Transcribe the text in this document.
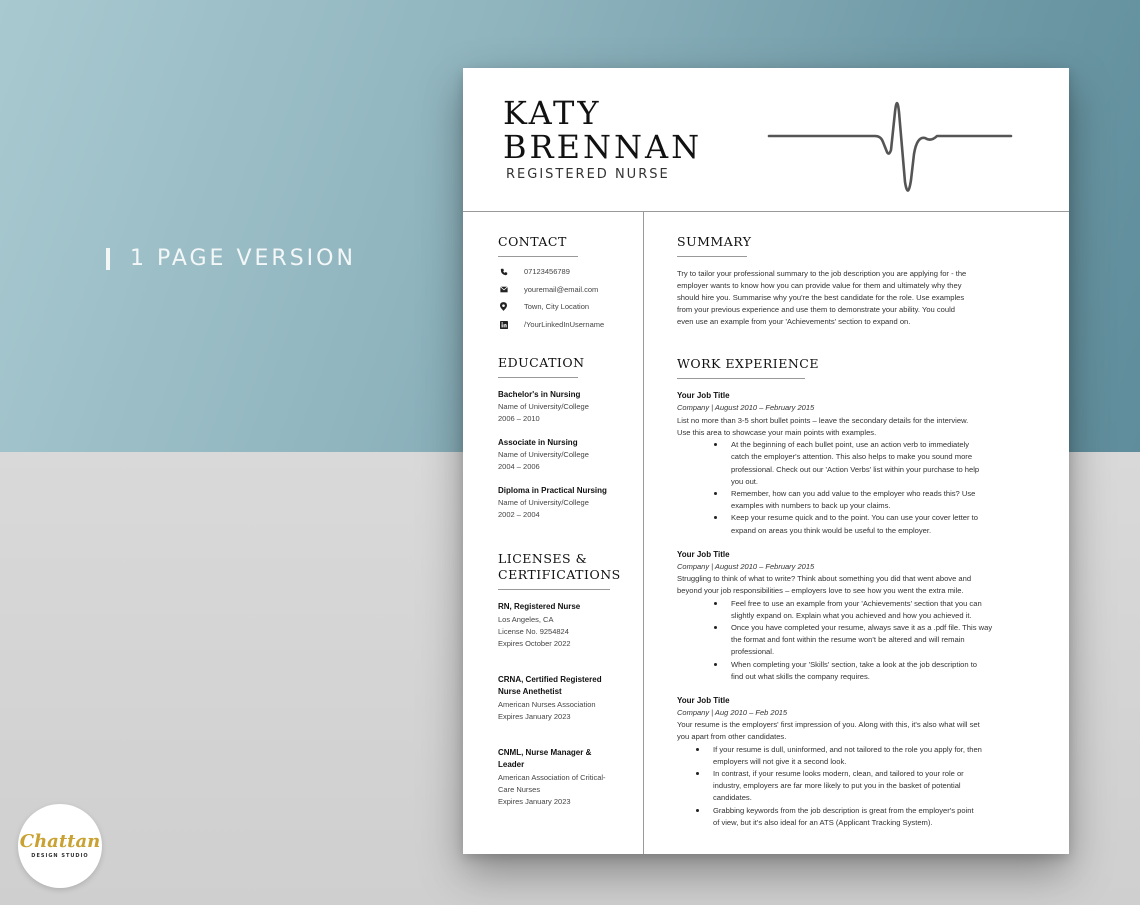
1 PAGE VERSION
Chattan
DESIGN STUDIO
KATY
BRENNAN
REGISTERED NURSE
CONTACT
07123456789
youremail@email.com
Town, City Location
/YourLinkedInUsername
EDUCATION
Bachelor's in Nursing
Name of University/College
2006 – 2010
Associate in Nursing
Name of University/College
2004 – 2006
Diploma in Practical Nursing
Name of University/College
2002 – 2004
LICENSES &
CERTIFICATIONS
RN, Registered Nurse
Los Angeles, CA
License No. 9254824
Expires October 2022
CRNA, Certified Registered
Nurse Anethetist
American Nurses Association
Expires January 2023
CNML, Nurse Manager &
Leader
American Association of Critical-
Care Nurses
Expires January 2023
SUMMARY
Try to tailor your professional summary to the job description you are applying for - the
employer wants to know how you can provide value for them and ultimately why they
should hire you. Summarise why you're the best candidate for the role. Use examples
from your previous experience and use them to demonstrate your ability. You could
even use an example from your 'Achievements' section to expand on.
WORK EXPERIENCE
Your Job Title
Company | August 2010 – February 2015
List no more than 3-5 short bullet points – leave the secondary details for the interview.
Use this area to showcase your main points with examples.
At the beginning of each bullet point, use an action verb to immediately
catch the employer's attention. This also helps to make you sound more
professional. Check out our 'Action Verbs' list within your purchase to help
you out.
Remember, how can you add value to the employer who reads this? Use
examples with numbers to back up your claims.
Keep your resume quick and to the point. You can use your cover letter to
expand on areas you think would be useful to the employer.
Your Job Title
Company | August 2010 – February 2015
Struggling to think of what to write? Think about something you did that went above and
beyond your job responsibilities – employers love to see how you went the extra mile.
Feel free to use an example from your 'Achievements' section that you can
slightly expand on. Explain what you achieved and how you achieved it.
Once you have completed your resume, always save it as a .pdf file. This way
the format and font within the resume won't be altered and will remain
professional.
When completing your 'Skills' section, take a look at the job description to
find out what skills the company requires.
Your Job Title
Company | Aug 2010 – Feb 2015
Your resume is the employers' first impression of you. Along with this, it's also what will set
you apart from other candidates.
If your resume is dull, uninformed, and not tailored to the role you apply for, then
employers will not give it a second look.
In contrast, if your resume looks modern, clean, and tailored to your role or
industry, employers are far more likely to put you in the basket of potential
candidates.
Grabbing keywords from the job description is great from the employer's point
of view, but it's also ideal for an ATS (Applicant Tracking System).
